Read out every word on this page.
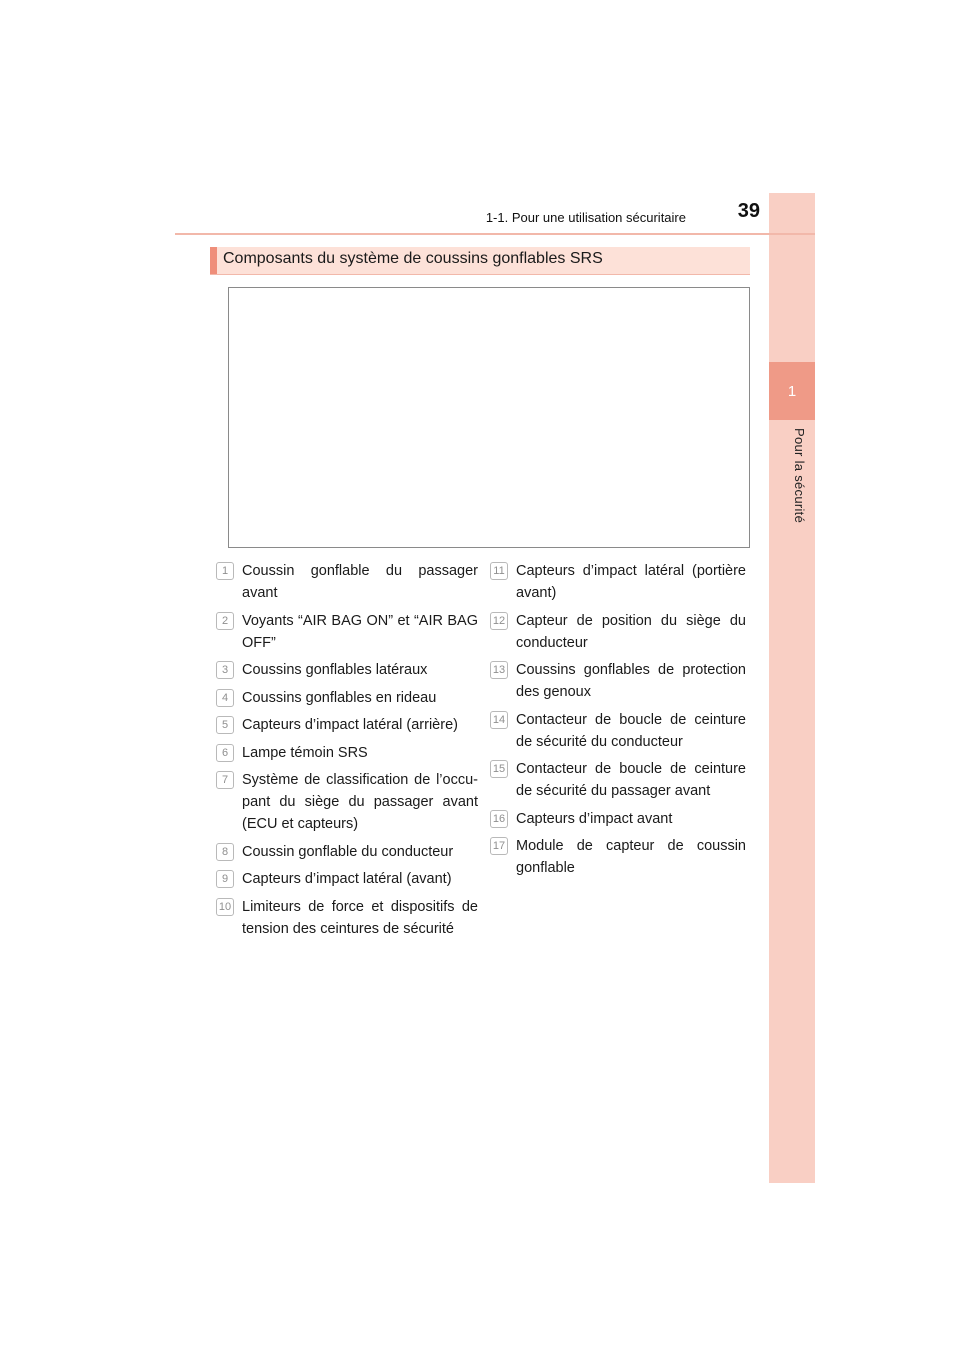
1
Pour la sécurité
1-1. Pour une utilisation sécuritaire	39
Composants du système de coussins gonflables SRS
1 Coussin gonflable du passager avant
2 Voyants “AIR BAG ON” et “AIR BAG OFF”
3 Coussins gonflables latéraux
4 Coussins gonflables en rideau
5 Capteurs d’impact latéral (arrière)
6 Lampe témoin SRS
7 Système de classification de l’occu-pant du siège du passager avant (ECU et capteurs)
8 Coussin gonflable du conducteur
9 Capteurs d’impact latéral (avant)
10 Limiteurs de force et dispositifs de tension des ceintures de sécurité
11 Capteurs d’impact latéral (portière avant)
12 Capteur de position du siège du conducteur
13 Coussins gonflables de protection des genoux
14 Contacteur de boucle de ceinture de sécurité du conducteur
15 Contacteur de boucle de ceinture de sécurité du passager avant
16 Capteurs d’impact avant
17 Module de capteur de coussin gonflable
